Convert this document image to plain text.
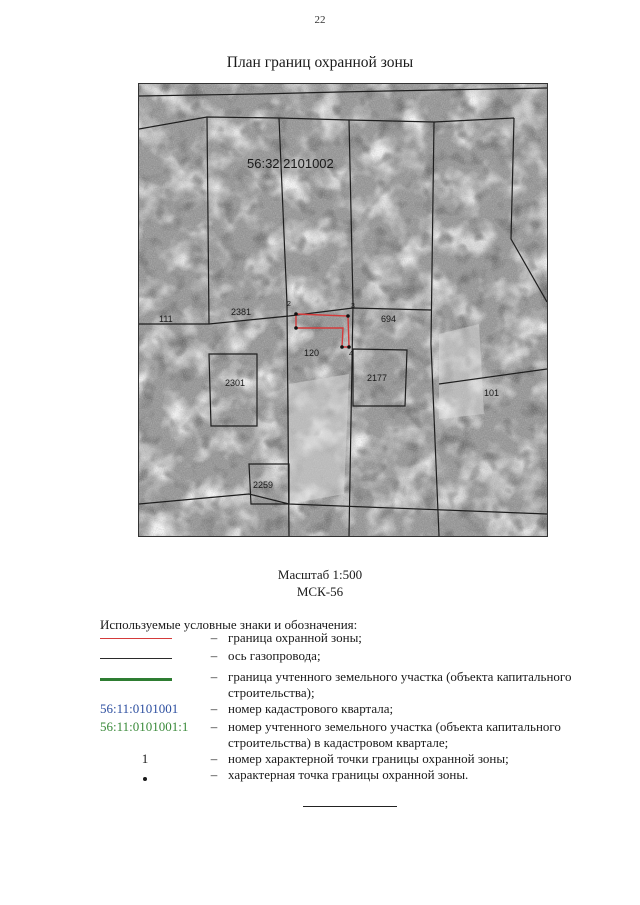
22
План границ охранной зоны
56:32 2101002
111
2381
694
120
2301	2177
101
2259
2	3
4
Масштаб 1:500
МСК-56
Используемые условные знаки и обозначения:
– граница охранной зоны;
– ось газопровода;
– граница учтенного земельного участка (объекта капитального строительства);
56:11:0101001	– номер кадастрового квартала;
56:11:0101001:1	– номер учтенного земельного участка (объекта капитального строительства) в кадастровом квартале;
1	– номер характерной точки границы охранной зоны;
– характерная точка границы охранной зоны.
